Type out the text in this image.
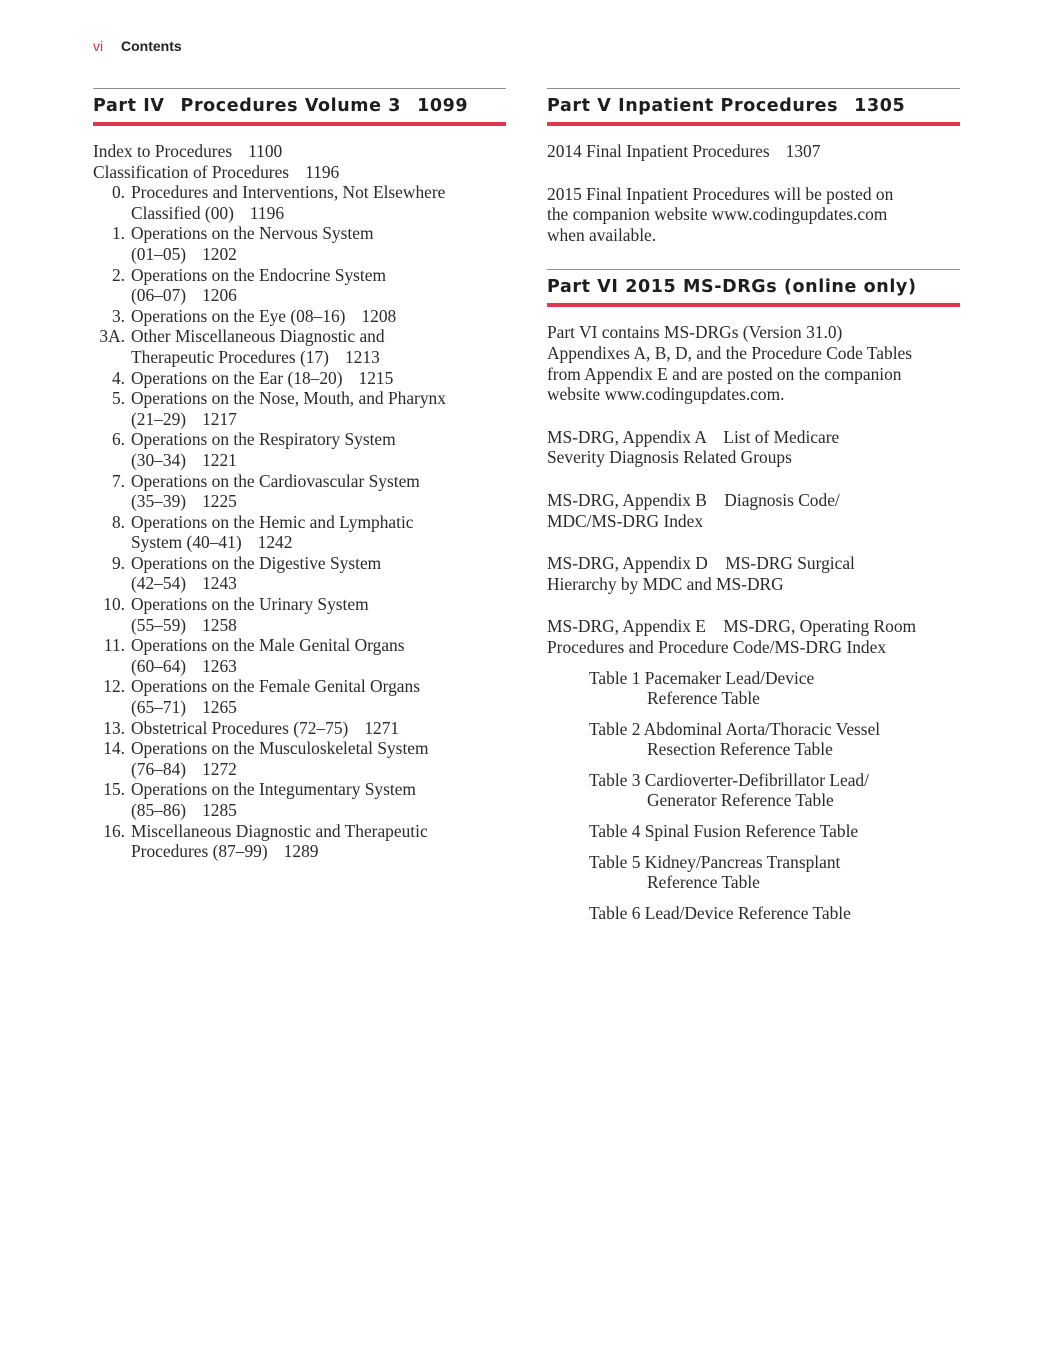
vi Contents
Part IV Procedures Volume 3 1099
Index to Procedures 1100
Classification of Procedures 1196
0. Procedures and Interventions, Not Elsewhere
Classified (00) 1196
1. Operations on the Nervous System
(01–05) 1202
2. Operations on the Endocrine System
(06–07) 1206
3. Operations on the Eye (08–16) 1208
3A. Other Miscellaneous Diagnostic and
Therapeutic Procedures (17) 1213
4. Operations on the Ear (18–20) 1215
5. Operations on the Nose, Mouth, and Pharynx
(21–29) 1217
6. Operations on the Respiratory System
(30–34) 1221
7. Operations on the Cardiovascular System
(35–39) 1225
8. Operations on the Hemic and Lymphatic
System (40–41) 1242
9. Operations on the Digestive System
(42–54) 1243
10. Operations on the Urinary System
(55–59) 1258
11. Operations on the Male Genital Organs
(60–64) 1263
12. Operations on the Female Genital Organs
(65–71) 1265
13. Obstetrical Procedures (72–75) 1271
14. Operations on the Musculoskeletal System
(76–84) 1272
15. Operations on the Integumentary System
(85–86) 1285
16. Miscellaneous Diagnostic and Therapeutic
Procedures (87–99) 1289
Part V Inpatient Procedures 1305
2014 Final Inpatient Procedures 1307
2015 Final Inpatient Procedures will be posted on
the companion website www.codingupdates.com
when available.
Part VI 2015 MS-DRGs (online only)
Part VI contains MS-DRGs (Version 31.0)
Appendixes A, B, D, and the Procedure Code Tables
from Appendix E and are posted on the companion
website www.codingupdates.com.
MS-DRG, Appendix A    List of Medicare
Severity Diagnosis Related Groups
MS-DRG, Appendix B    Diagnosis Code/
MDC/MS-DRG Index
MS-DRG, Appendix D    MS-DRG Surgical
Hierarchy by MDC and MS-DRG
MS-DRG, Appendix E    MS-DRG, Operating Room
Procedures and Procedure Code/MS-DRG Index
Table 1 Pacemaker Lead/Device
Reference Table
Table 2 Abdominal Aorta/Thoracic Vessel
Resection Reference Table
Table 3 Cardioverter-Defibrillator Lead/
Generator Reference Table
Table 4 Spinal Fusion Reference Table
Table 5 Kidney/Pancreas Transplant
Reference Table
Table 6 Lead/Device Reference Table
